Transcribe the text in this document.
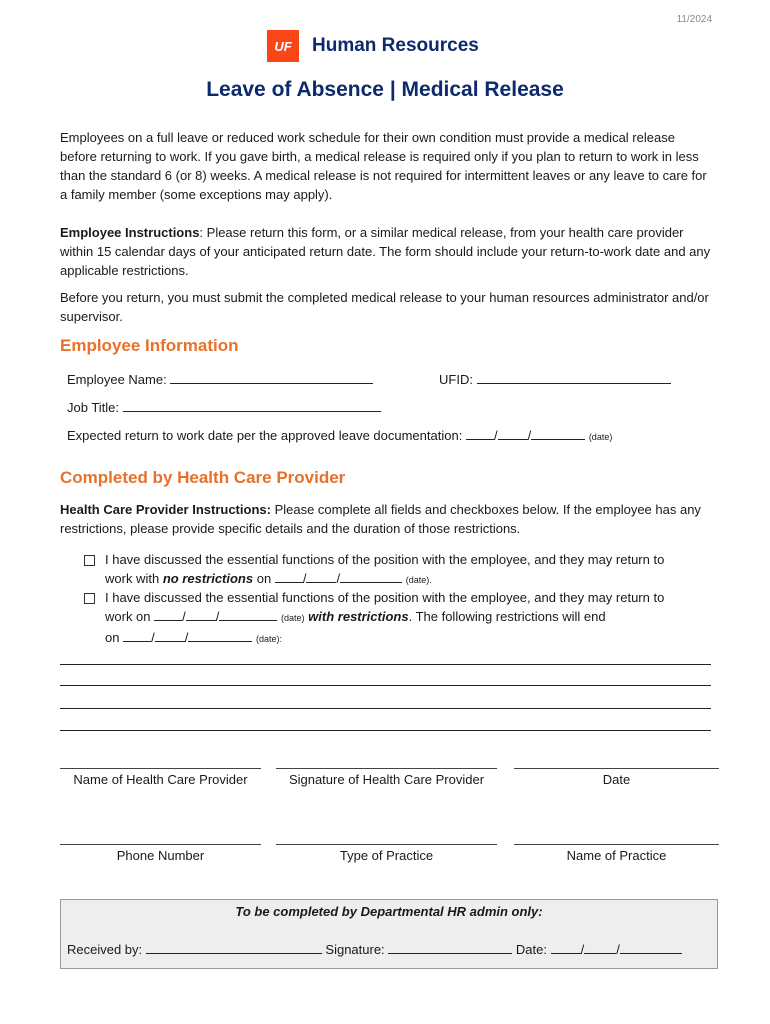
11/2024
UF	Human Resources
Leave of Absence | Medical Release
Employees on a full leave or reduced work schedule for their own condition must provide a medical release before returning to work. If you gave birth, a medical release is required only if you plan to return to work in less than the standard 6 (or 8) weeks. A medical release is not required for intermittent leaves or any leave to care for a family member (some exceptions may apply).
Employee Instructions: Please return this form, or a similar medical release, from your health care provider within 15 calendar days of your anticipated return date. The form should include your return-to-work date and any applicable restrictions.
Before you return, you must submit the completed medical release to your human resources administrator and/or supervisor.
Employee Information
Employee Name:	UFID:
Job Title:
Expected return to work date per the approved leave documentation: / /	(date)
Completed by Health Care Provider
Health Care Provider Instructions: Please complete all fields and checkboxes below. If the employee has any restrictions, please provide specific details and the duration of those restrictions.
I have discussed the essential functions of the position with the employee, and they may return to
work with no restrictions on / /	(date).
I have discussed the essential functions of the position with the employee, and they may return to
work on / /	(date) with restrictions. The following restrictions will end
on / /	(date):
Name of Health Care Provider	Signature of Health Care Provider	Date
Phone Number	Type of Practice	Name of Practice
To be completed by Departmental HR admin only:
Received by:	Signature:	Date:	/ /
